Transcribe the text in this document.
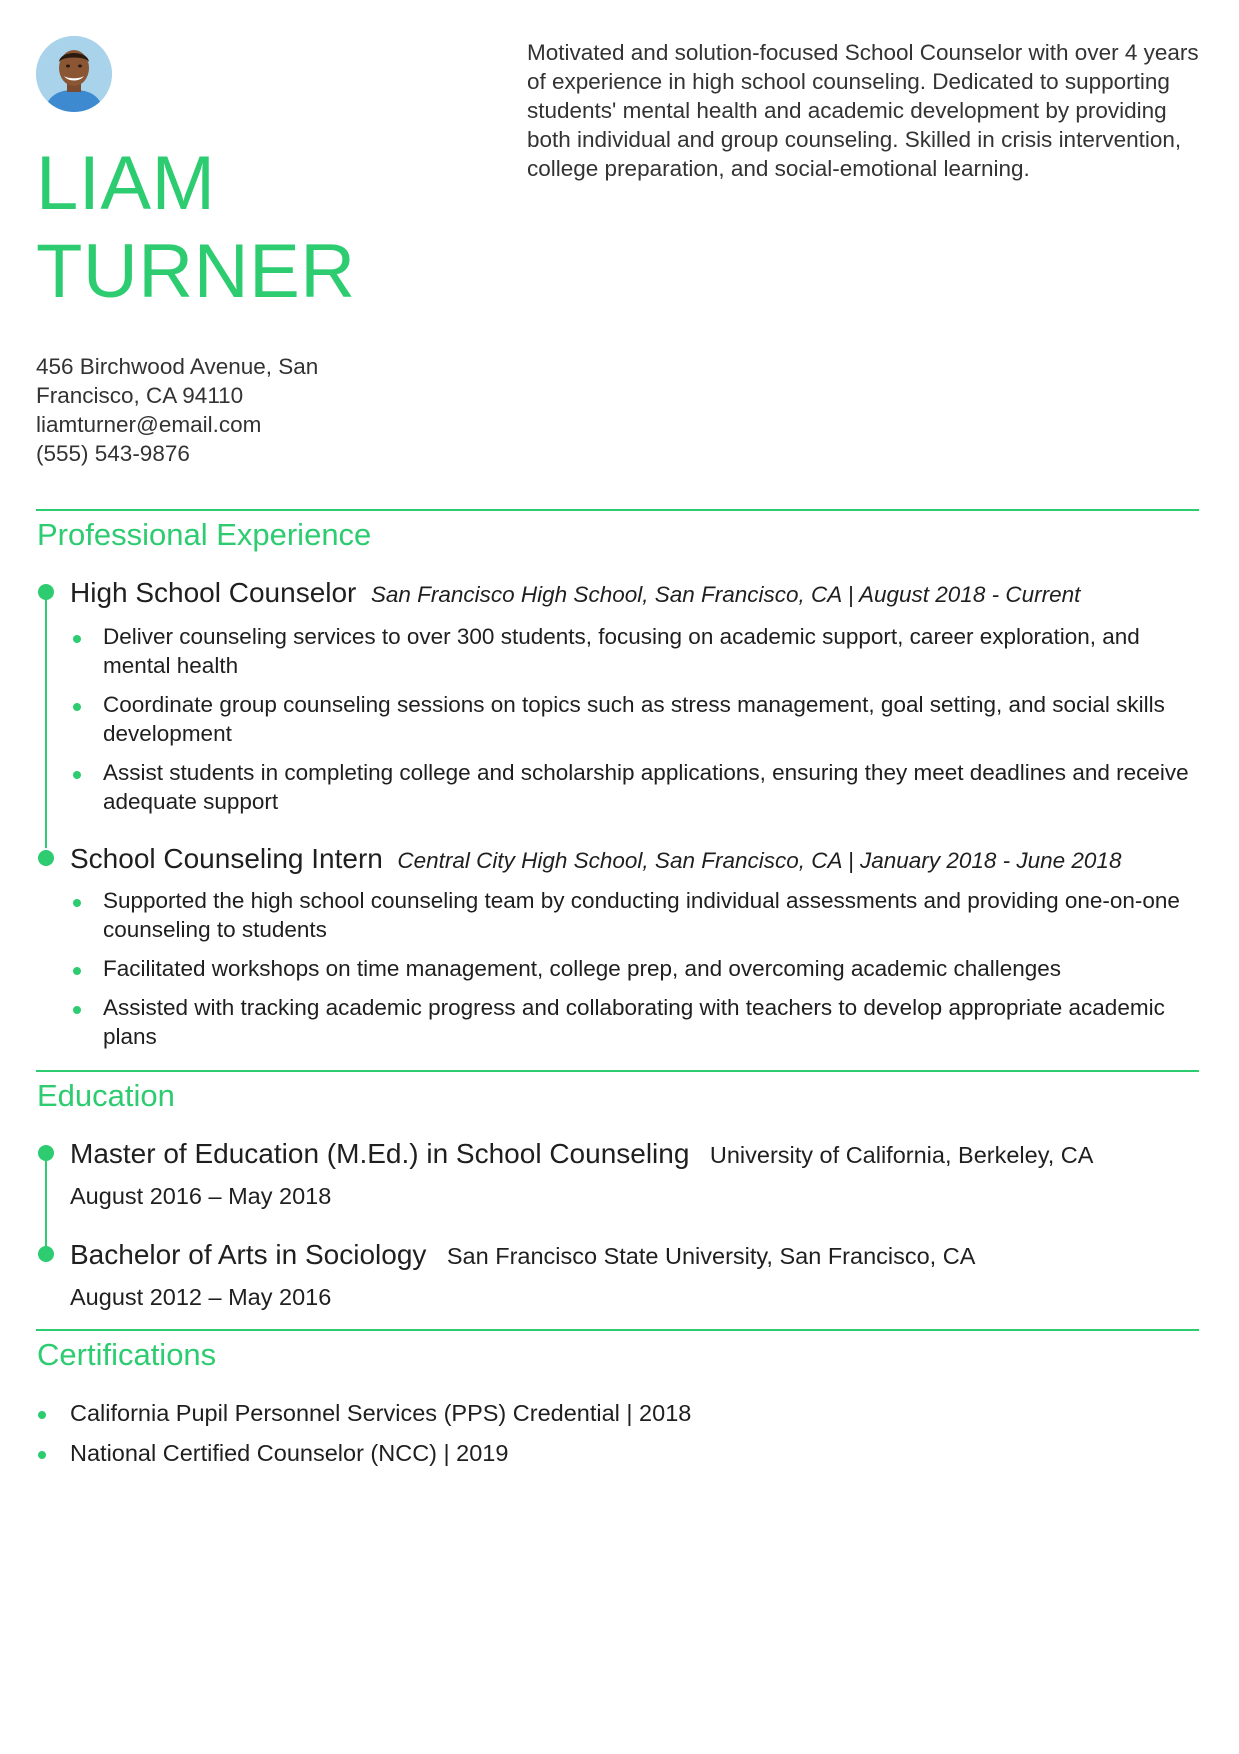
LIAM
TURNER

Motivated and solution-focused School Counselor with over 4 years of experience in high school counseling. Dedicated to supporting students' mental health and academic development by providing both individual and group counseling. Skilled in crisis intervention, college preparation, and social-emotional learning.

456 Birchwood Avenue, San
Francisco, CA 94110
liamturner@email.com
(555) 543-9876
Professional Experience
High School Counselor San Francisco High School, San Francisco, CA | August 2018 - Current
Deliver counseling services to over 300 students, focusing on academic support, career exploration, and mental health
Coordinate group counseling sessions on topics such as stress management, goal setting, and social skills development
Assist students in completing college and scholarship applications, ensuring they meet deadlines and receive adequate support
School Counseling Intern Central City High School, San Francisco, CA | January 2018 - June 2018
Supported the high school counseling team by conducting individual assessments and providing one-on-one counseling to students
Facilitated workshops on time management, college prep, and overcoming academic challenges
Assisted with tracking academic progress and collaborating with teachers to develop appropriate academic plans
Education
Master of Education (M.Ed.) in School Counseling University of California, Berkeley, CA
August 2016 – May 2018
Bachelor of Arts in Sociology San Francisco State University, San Francisco, CA
August 2012 – May 2016
Certifications
California Pupil Personnel Services (PPS) Credential | 2018
National Certified Counselor (NCC) | 2019
